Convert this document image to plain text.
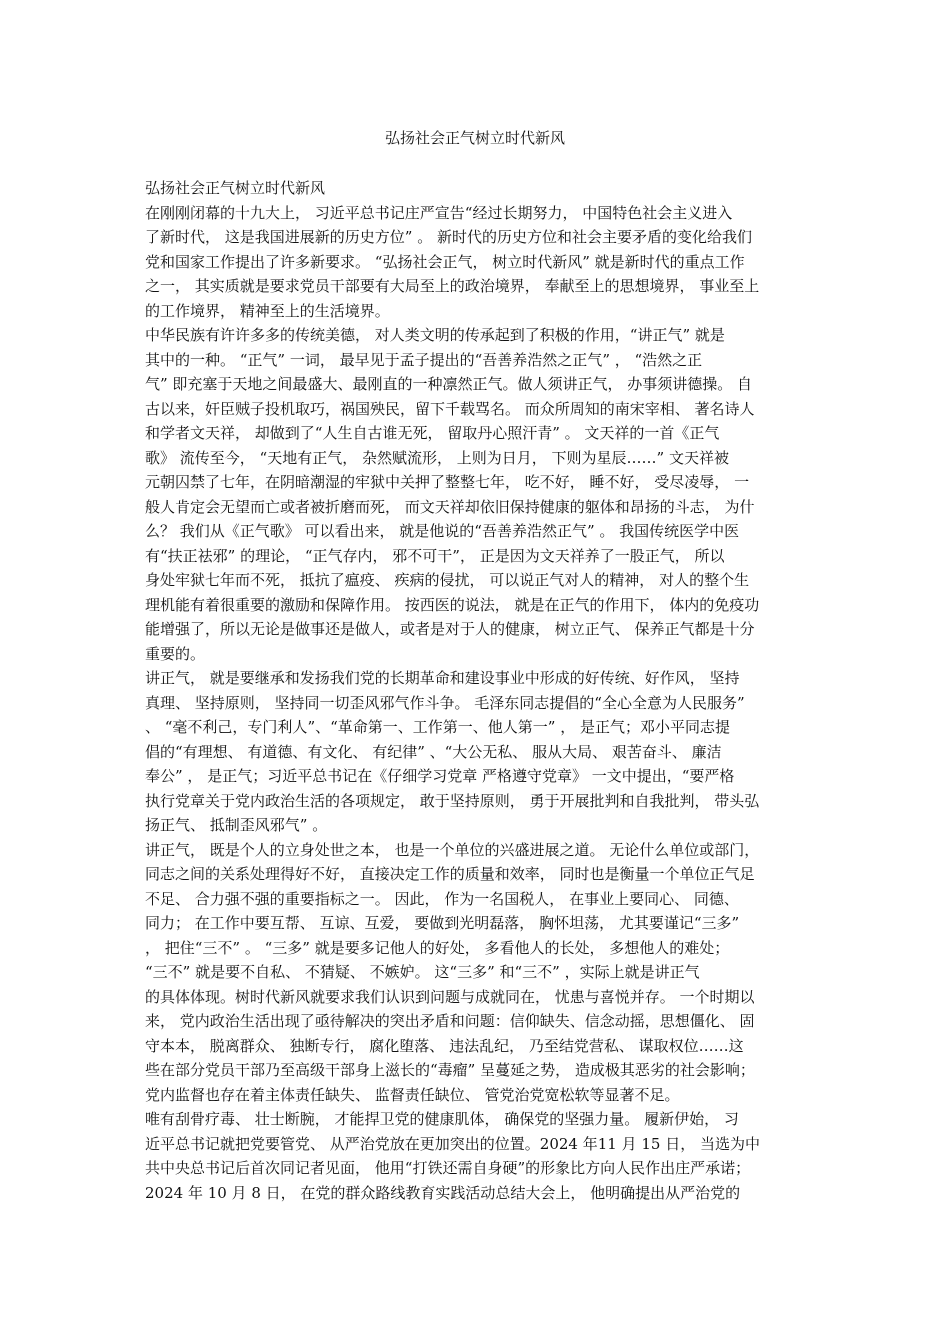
弘扬社会正气树立时代新风
弘扬社会正气树立时代新风
在刚刚闭幕的十九大上， 习近平总书记庄严宣告“经过长期努力， 中国特色社会主义进入
了新时代， 这是我国进展新的历史方位” 。 新时代的历史方位和社会主要矛盾的变化给我们
党和国家工作提出了许多新要求。 “弘扬社会正气， 树立时代新风” 就是新时代的重点工作
之一， 其实质就是要求党员干部要有大局至上的政治境界， 奉献至上的思想境界， 事业至上
的工作境界， 精神至上的生活境界。
中华民族有许许多多的传统美德， 对人类文明的传承起到了积极的作用，“讲正气” 就是
其中的一种。 “正气” 一词， 最早见于孟子提出的“吾善养浩然之正气” ， “浩然之正
气” 即充塞于天地之间最盛大、最刚直的一种凛然正气。做人须讲正气， 办事须讲德操。 自
古以来，奸臣贼子投机取巧，祸国殃民，留下千载骂名。 而众所周知的南宋宰相、 著名诗人
和学者文天祥， 却做到了“人生自古谁无死， 留取丹心照汗青” 。 文天祥的一首《正气
歌》 流传至今， “天地有正气， 杂然赋流形， 上则为日月， 下则为星辰……” 文天祥被
元朝囚禁了七年，在阴暗潮湿的牢狱中关押了整整七年， 吃不好， 睡不好， 受尽凌辱， 一
般人肯定会无望而亡或者被折磨而死， 而文天祥却依旧保持健康的躯体和昂扬的斗志， 为什
么？ 我们从《正气歌》 可以看出来， 就是他说的“吾善养浩然正气” 。 我国传统医学中医
有“扶正祛邪” 的理论， “正气存内， 邪不可干”， 正是因为文天祥养了一股正气， 所以
身处牢狱七年而不死， 抵抗了瘟疫、 疾病的侵扰， 可以说正气对人的精神， 对人的整个生
理机能有着很重要的激励和保障作用。 按西医的说法， 就是在正气的作用下， 体内的免疫功
能增强了，所以无论是做事还是做人，或者是对于人的健康， 树立正气、 保养正气都是十分
重要的。
讲正气， 就是要继承和发扬我们党的长期革命和建设事业中形成的好传统、好作风， 坚持
真理、 坚持原则， 坚持同一切歪风邪气作斗争。 毛泽东同志提倡的“全心全意为人民服务”
、 “毫不利己，专门利人”、“革命第一、工作第一、他人第一” ， 是正气；邓小平同志提
倡的“有理想、 有道德、有文化、 有纪律” 、“大公无私、 服从大局、 艰苦奋斗、 廉洁
奉公” ， 是正气；习近平总书记在《仔细学习党章 严格遵守党章》 一文中提出，“要严格
执行党章关于党内政治生活的各项规定， 敢于坚持原则， 勇于开展批判和自我批判， 带头弘
扬正气、 抵制歪风邪气” 。
讲正气， 既是个人的立身处世之本， 也是一个单位的兴盛进展之道。 无论什么单位或部门，
同志之间的关系处理得好不好， 直接决定工作的质量和效率， 同时也是衡量一个单位正气足
不足、 合力强不强的重要指标之一。 因此， 作为一名国税人， 在事业上要同心、 同德、
同力； 在工作中要互帮、 互谅、互爱， 要做到光明磊落， 胸怀坦荡， 尤其要谨记“三多”
， 把住“三不” 。 “三多” 就是要多记他人的好处， 多看他人的长处， 多想他人的难处；
“三不” 就是要不自私、 不猜疑、 不嫉妒。 这“三多” 和“三不” ，实际上就是讲正气
的具体体现。树时代新风就要求我们认识到问题与成就同在， 忧患与喜悦并存。 一个时期以
来， 党内政治生活出现了亟待解决的突出矛盾和问题：信仰缺失、信念动摇，思想僵化、 固
守本本， 脱离群众、 独断专行， 腐化堕落、 违法乱纪， 乃至结党营私、 谋取权位……这
些在部分党员干部乃至高级干部身上滋长的“毒瘤” 呈蔓延之势， 造成极其恶劣的社会影响；
党内监督也存在着主体责任缺失、 监督责任缺位、 管党治党宽松软等显著不足。
唯有刮骨疗毒、 壮士断腕， 才能捍卫党的健康肌体， 确保党的坚强力量。 履新伊始， 习
近平总书记就把党要管党、 从严治党放在更加突出的位置。2024 年11 月 15 日， 当选为中
共中央总书记后首次同记者见面， 他用“打铁还需自身硬”的形象比方向人民作出庄严承诺；
2024 年 10 月 8 日， 在党的群众路线教育实践活动总结大会上， 他明确提出从严治党的
